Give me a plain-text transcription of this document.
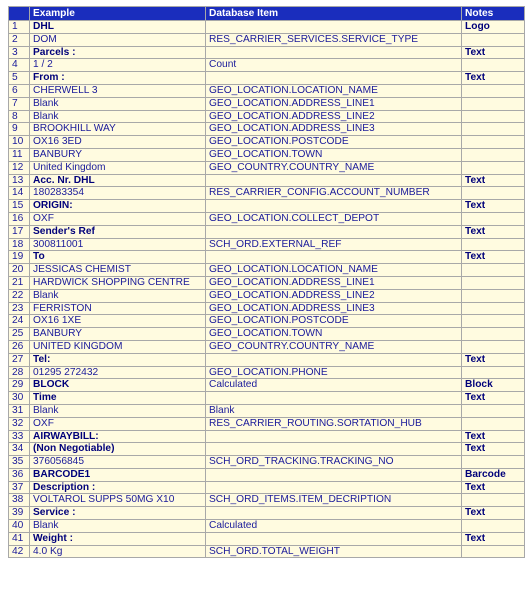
	Example	Database Item	Notes
1	DHL		Logo
2	DOM	RES_CARRIER_SERVICES.SERVICE_TYPE	
3	Parcels :		Text
4	1 / 2	Count	
5	From :		Text
6	CHERWELL 3	GEO_LOCATION.LOCATION_NAME	
7	Blank	GEO_LOCATION.ADDRESS_LINE1	
8	Blank	GEO_LOCATION.ADDRESS_LINE2	
9	BROOKHILL WAY	GEO_LOCATION.ADDRESS_LINE3	
10	OX16 3ED	GEO_LOCATION.POSTCODE	
11	BANBURY	GEO_LOCATION.TOWN	
12	United Kingdom	GEO_COUNTRY.COUNTRY_NAME	
13	Acc. Nr. DHL		Text
14	180283354	RES_CARRIER_CONFIG.ACCOUNT_NUMBER	
15	ORIGIN:		Text
16	OXF	GEO_LOCATION.COLLECT_DEPOT	
17	Sender's Ref		Text
18	300811001	SCH_ORD.EXTERNAL_REF	
19	To		Text
20	JESSICAS CHEMIST	GEO_LOCATION.LOCATION_NAME	
21	HARDWICK SHOPPING CENTRE	GEO_LOCATION.ADDRESS_LINE1	
22	Blank	GEO_LOCATION.ADDRESS_LINE2	
23	FERRISTON	GEO_LOCATION.ADDRESS_LINE3	
24	OX16 1XE	GEO_LOCATION.POSTCODE	
25	BANBURY	GEO_LOCATION.TOWN	
26	UNITED KINGDOM	GEO_COUNTRY.COUNTRY_NAME	
27	Tel:		Text
28	01295 272432	GEO_LOCATION.PHONE	
29	BLOCK	Calculated	Block
30	Time		Text
31	Blank	Blank	
32	OXF	RES_CARRIER_ROUTING.SORTATION_HUB	
33	AIRWAYBILL:		Text
34	(Non Negotiable)		Text
35	376056845	SCH_ORD_TRACKING.TRACKING_NO	
36	BARCODE1		Barcode
37	Description :		Text
38	VOLTAROL SUPPS 50MG X10	SCH_ORD_ITEMS.ITEM_DECRIPTION	
39	Service :		Text
40	Blank	Calculated	
41	Weight :		Text
42	4.0 Kg	SCH_ORD.TOTAL_WEIGHT	
